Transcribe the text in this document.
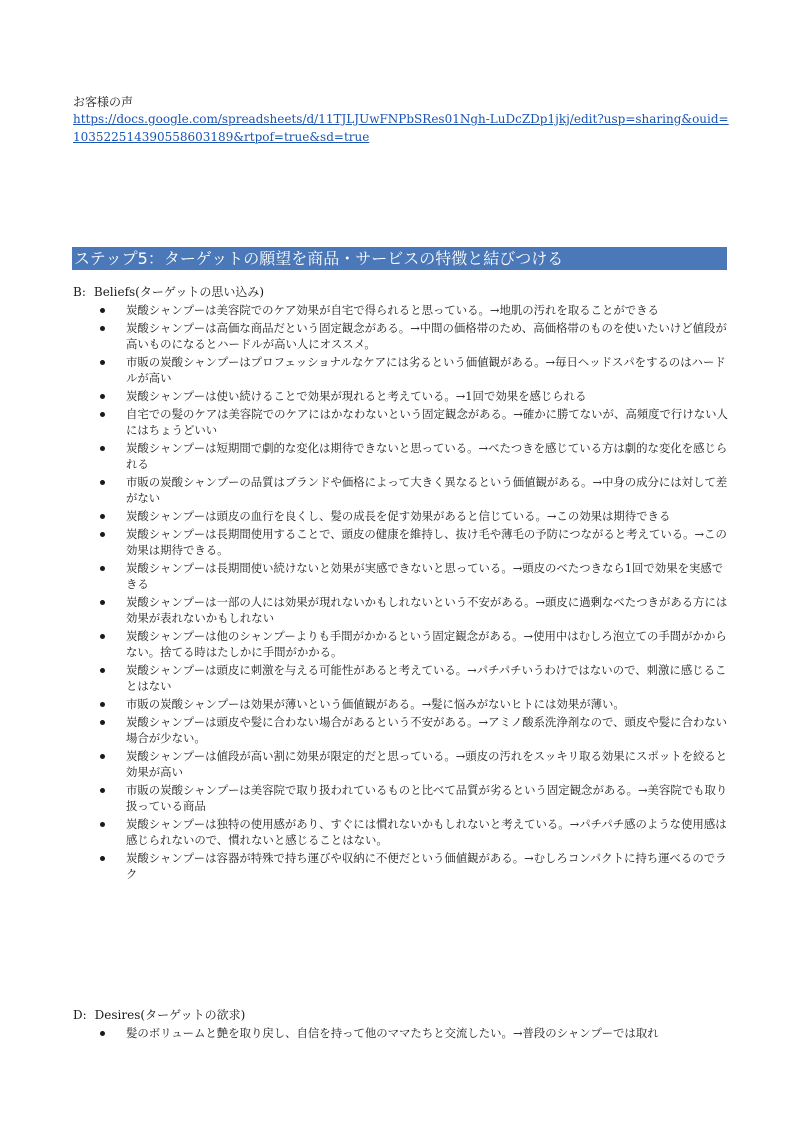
お客様の声
https://docs.google.com/spreadsheets/d/11TJLJUwFNPbSRes01Ngh-LuDcZDp1jkj/edit?usp=sharing&ouid=103522514390558603189&rtpof=true&sd=true
ステップ5：ターゲットの願望を商品・サービスの特徴と結びつける
B: Beliefs(ターゲットの思い込み)
炭酸シャンプーは美容院でのケア効果が自宅で得られると思っている。→地肌の汚れを取ることができる
炭酸シャンプーは高価な商品だという固定観念がある。→中間の価格帯のため、高価格帯のものを使いたいけど値段が高いものになるとハードルが高い人にオススメ。
市販の炭酸シャンプーはプロフェッショナルなケアには劣るという価値観がある。→毎日ヘッドスパをするのはハードルが高い
炭酸シャンプーは使い続けることで効果が現れると考えている。→1回で効果を感じられる
自宅での髪のケアは美容院でのケアにはかなわないという固定観念がある。→確かに勝てないが、高頻度で行けない人にはちょうどいい
炭酸シャンプーは短期間で劇的な変化は期待できないと思っている。→べたつきを感じている方は劇的な変化を感じられる
市販の炭酸シャンプーの品質はブランドや価格によって大きく異なるという価値観がある。→中身の成分には対して差がない
炭酸シャンプーは頭皮の血行を良くし、髪の成長を促す効果があると信じている。→この効果は期待できる
炭酸シャンプーは長期間使用することで、頭皮の健康を維持し、抜け毛や薄毛の予防につながると考えている。→この効果は期待できる。
炭酸シャンプーは長期間使い続けないと効果が実感できないと思っている。→頭皮のべたつきなら1回で効果を実感できる
炭酸シャンプーは一部の人には効果が現れないかもしれないという不安がある。→頭皮に過剰なべたつきがある方には効果が表れないかもしれない
炭酸シャンプーは他のシャンプーよりも手間がかかるという固定観念がある。→使用中はむしろ泡立ての手間がかからない。捨てる時はたしかに手間がかかる。
炭酸シャンプーは頭皮に刺激を与える可能性があると考えている。→パチパチいうわけではないので、刺激に感じることはない
市販の炭酸シャンプーは効果が薄いという価値観がある。→髪に悩みがないヒトには効果が薄い。
炭酸シャンプーは頭皮や髪に合わない場合があるという不安がある。→アミノ酸系洗浄剤なので、頭皮や髪に合わない場合が少ない。
炭酸シャンプーは値段が高い割に効果が限定的だと思っている。→頭皮の汚れをスッキリ取る効果にスポットを絞ると効果が高い
市販の炭酸シャンプーは美容院で取り扱われているものと比べて品質が劣るという固定観念がある。→美容院でも取り扱っている商品
炭酸シャンプーは独特の使用感があり、すぐには慣れないかもしれないと考えている。→パチパチ感のような使用感は感じられないので、慣れないと感じることはない。
炭酸シャンプーは容器が特殊で持ち運びや収納に不便だという価値観がある。→むしろコンパクトに持ち運べるのでラク
D: Desires(ターゲットの欲求)
髪のボリュームと艶を取り戻し、自信を持って他のママたちと交流したい。→普段のシャンプーでは取れ
